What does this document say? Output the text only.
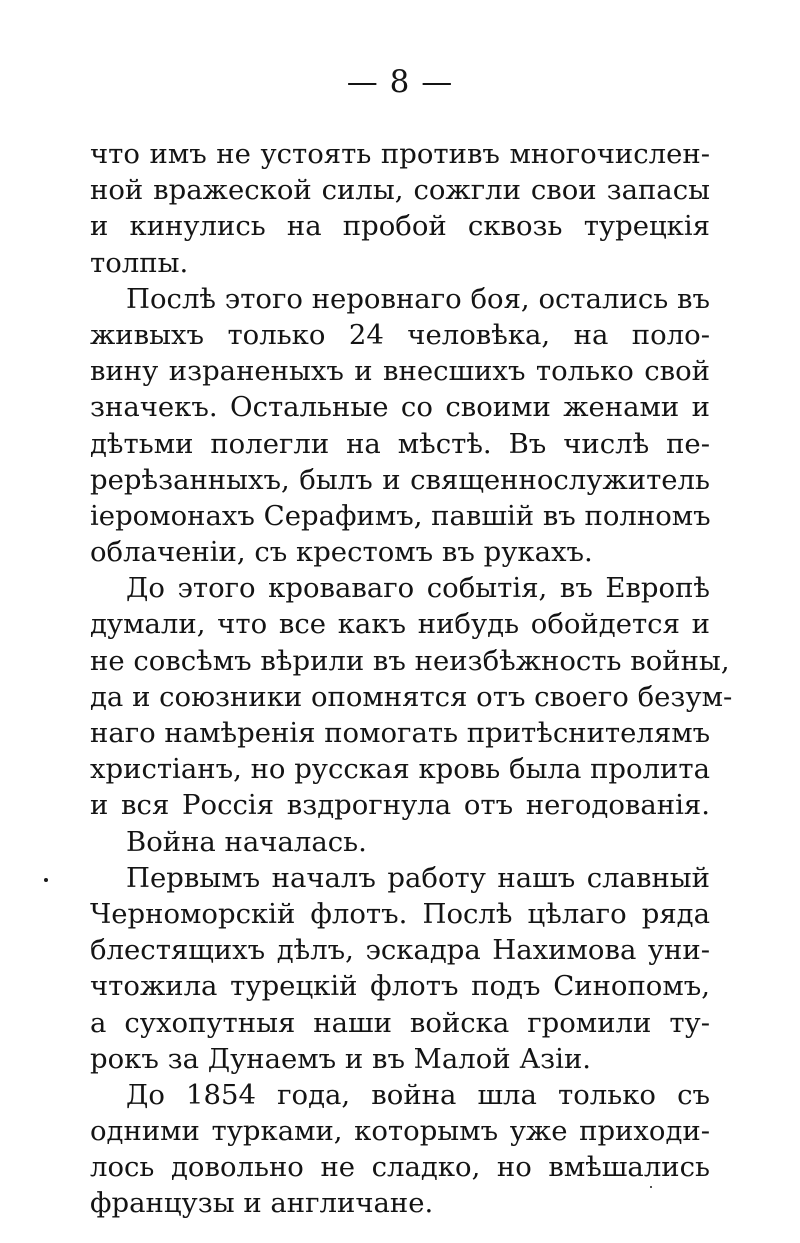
— 8 —
что имъ не устоять противъ многочислен-
ной вражеской силы, сожгли свои запасы
и кинулись на пробой сквозь турецкія
толпы.
Послѣ этого неровнаго боя, остались въ
живыхъ только 24 человѣка, на поло-
вину израненыхъ и внесшихъ только свой
значекъ. Остальные со своими женами и
дѣтьми полегли на мѣстѣ. Въ числѣ пе-
рерѣзанныхъ, былъ и священнослужитель
іеромонахъ Серафимъ, павшій въ полномъ
облаченіи, съ крестомъ въ рукахъ.
До этого кроваваго событія, въ Европѣ
думали, что все какъ нибудь обойдется и
не совсѣмъ вѣрили въ неизбѣжность войны,
да и союзники опомнятся отъ своего безум-
наго намѣренія помогать притѣснителямъ
христіанъ, но русская кровь была пролита
и вся Россія вздрогнула отъ негодованія.
Война началась.
Первымъ началъ работу нашъ славный
Черноморскій флотъ. Послѣ цѣлаго ряда
блестящихъ дѣлъ, эскадра Нахимова уни-
чтожила турецкій флотъ подъ Синопомъ,
а сухопутныя наши войска громили ту-
рокъ за Дунаемъ и въ Малой Азіи.
До 1854 года, война шла только съ
одними турками, которымъ уже приходи-
лось довольно не сладко, но вмѣшались
французы и англичане.
